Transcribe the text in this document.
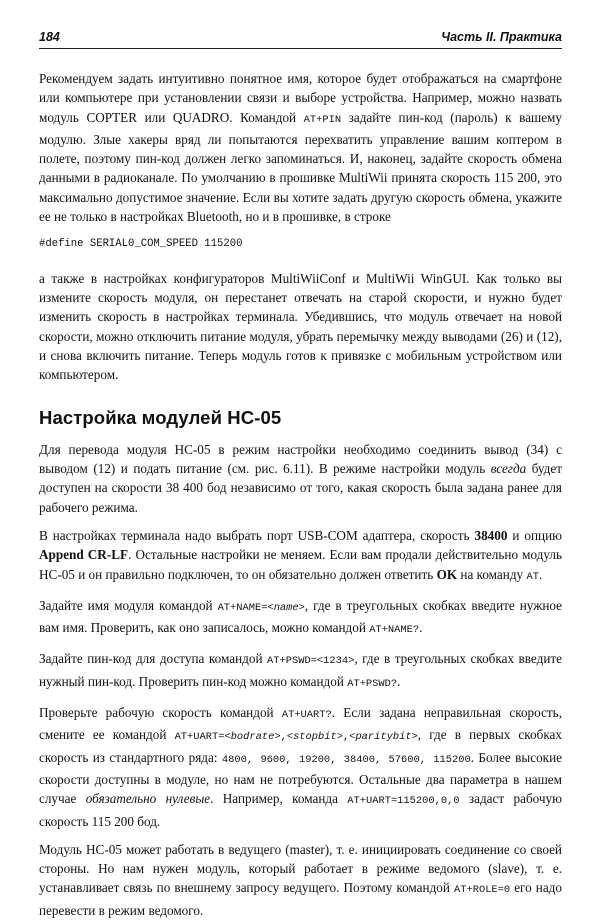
184	Часть II. Практика

Рекомендуем задать интуитивно понятное имя, которое будет отображаться на смартфоне или компьютере при установлении связи и выборе устройства. Например, можно назвать модуль COPTER или QUADRO. Командой AT+PIN задайте пин-код (пароль) к вашему модулю. Злые хакеры вряд ли попытаются перехватить управление вашим коптером в полете, поэтому пин-код должен легко запоминаться. И, наконец, задайте скорость обмена данными в радиоканале. По умолчанию в прошивке MultiWii принята скорость 115 200, это максимально допустимое значение. Если вы хотите задать другую скорость обмена, укажите ее не только в настройках Bluetooth, но и в прошивке, в строке

#define SERIAL0_COM_SPEED 115200

а также в настройках конфигураторов MultiWiiConf и MultiWii WinGUI. Как только вы измените скорость модуля, он перестанет отвечать на старой скорости, и нужно будет изменить скорость в настройках терминала. Убедившись, что модуль отвечает на новой скорости, можно отключить питание модуля, убрать перемычку между выводами (26) и (12), и снова включить питание. Теперь модуль готов к привязке с мобильным устройством или компьютером.

Настройка модулей HC-05

Для перевода модуля HC-05 в режим настройки необходимо соединить вывод (34) с выводом (12) и подать питание (см. рис. 6.11). В режиме настройки модуль всегда будет доступен на скорости 38 400 бод независимо от того, какая скорость была задана ранее для рабочего режима.

В настройках терминала надо выбрать порт USB-COM адаптера, скорость 38400 и опцию Append CR-LF. Остальные настройки не меняем. Если вам продали действительно модуль HC-05 и он правильно подключен, то он обязательно должен ответить OK на команду AT.

Задайте имя модуля командой AT+NAME=<name>, где в треугольных скобках введите нужное вам имя. Проверить, как оно записалось, можно командой AT+NAME?.

Задайте пин-код для доступа командой AT+PSWD=<1234>, где в треугольных скобках введите нужный пин-код. Проверить пин-код можно командой AT+PSWD?.

Проверьте рабочую скорость командой AT+UART?. Если задана неправильная скорость, смените ее командой AT+UART=<bodrate>,<stopbit>,<paritybit>, где в первых скобках скорость из стандартного ряда: 4800, 9600, 19200, 38400, 57600, 115200. Более высокие скорости доступны в модуле, но нам не потребуются. Остальные два параметра в нашем случае обязательно нулевые. Например, команда AT+UART=115200,0,0 задаст рабочую скорость 115 200 бод.

Модуль HC-05 может работать в ведущего (master), т. е. инициировать соединение со своей стороны. Но нам нужен модуль, который работает в режиме ведомого (slave), т. е. устанавливает связь по внешнему запросу ведущего. Поэтому командой AT+ROLE=0 его надо перевести в режим ведомого.
